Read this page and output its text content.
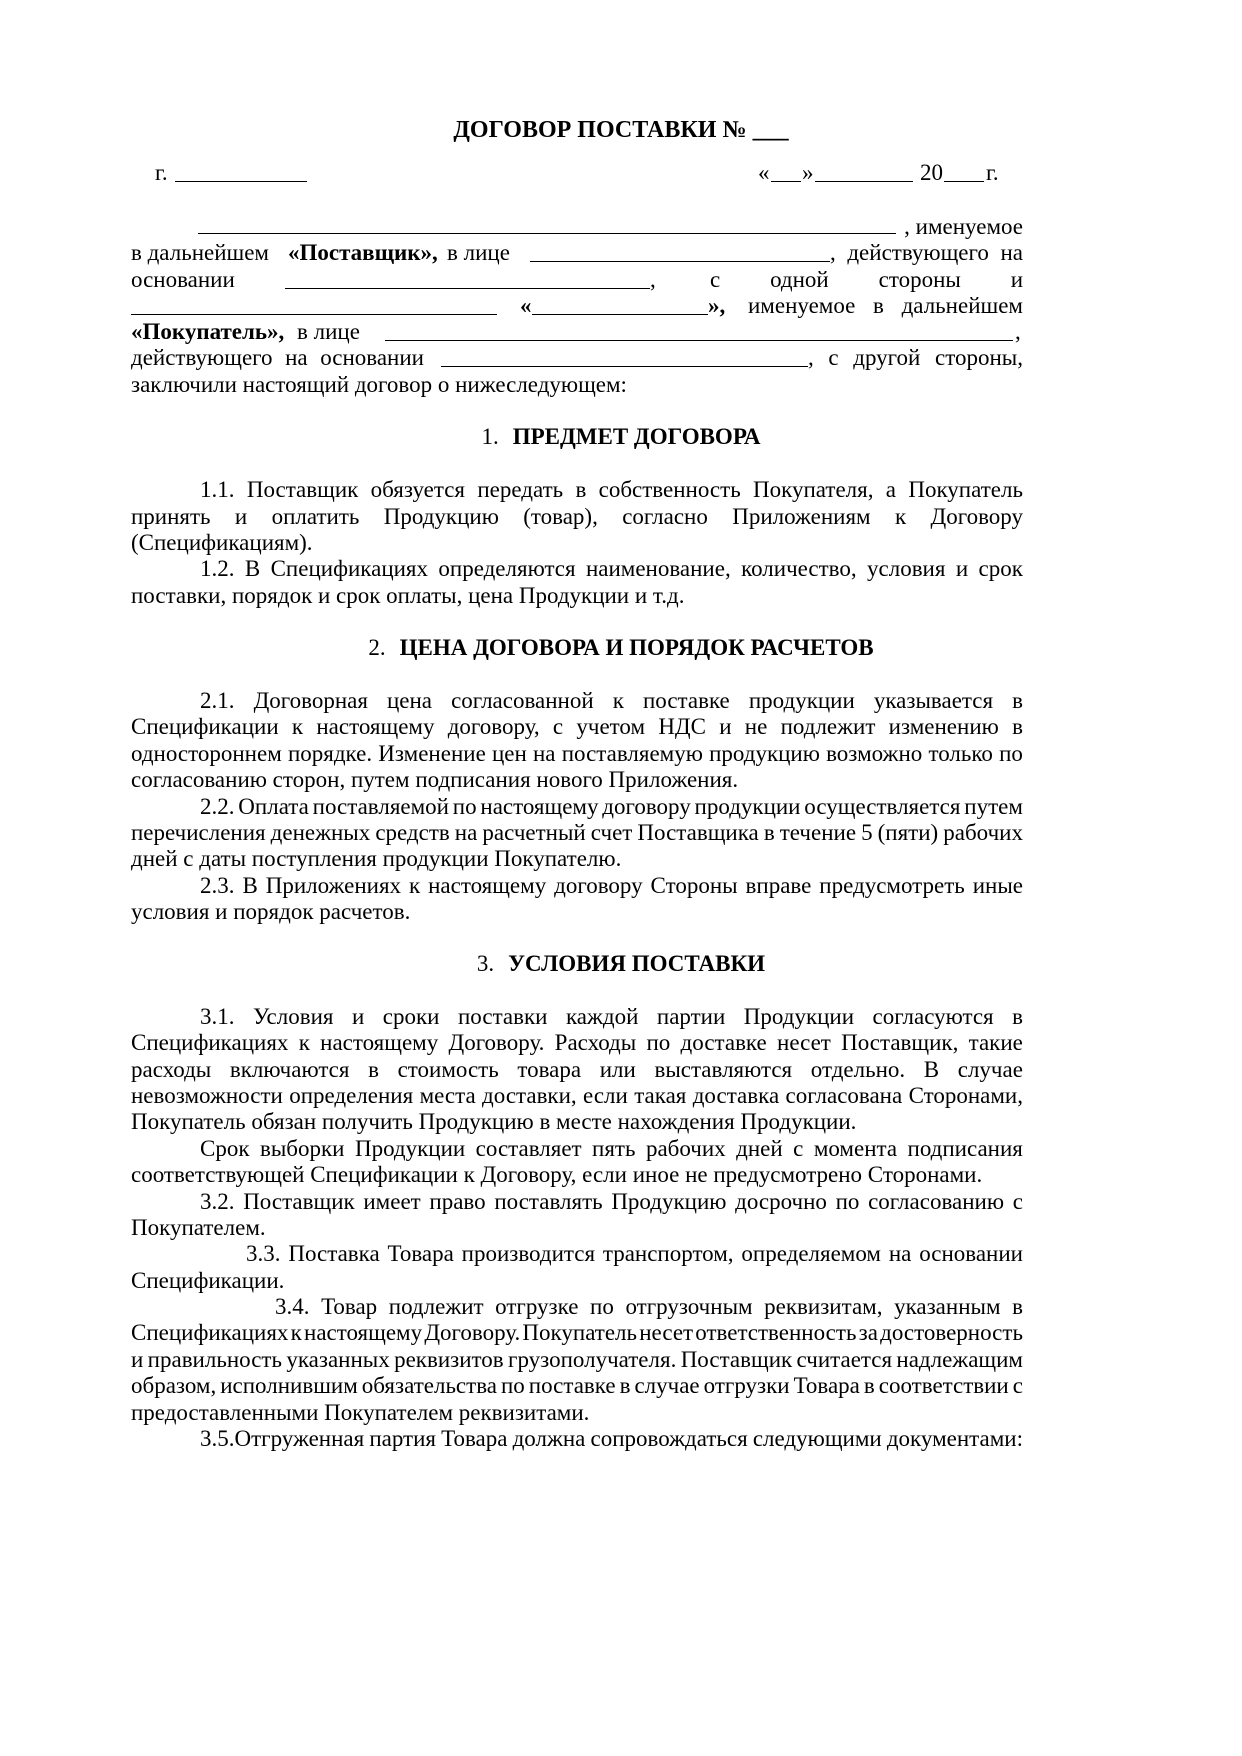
ДОГОВОР ПОСТАВКИ № ___
г.	« »	20 г.
, именуемое
в дальнейшем «Поставщик», в лице	, действующего на
основании	, с одной стороны и
«	», именуемое в дальнейшем
«Покупатель», в лице	,
действующего на основании	, с другой стороны,
заключили настоящий договор о нижеследующем:
1. ПРЕДМЕТ ДОГОВОРА
1.1. Поставщик обязуется передать в собственность Покупателя, а Покупатель
принять и оплатить Продукцию (товар), согласно Приложениям к Договору
(Спецификациям).
1.2. В Спецификациях определяются наименование, количество, условия и срок
поставки, порядок и срок оплаты, цена Продукции и т.д.
2. ЦЕНА ДОГОВОРА И ПОРЯДОК РАСЧЕТОВ
2.1. Договорная цена согласованной к поставке продукции указывается в
Спецификации к настоящему договору, с учетом НДС и не подлежит изменению в
одностороннем порядке. Изменение цен на поставляемую продукцию возможно только по
согласованию сторон, путем подписания нового Приложения.
2.2. Оплата поставляемой по настоящему договору продукции осуществляется путем
перечисления денежных средств на расчетный счет Поставщика в течение 5 (пяти) рабочих
дней с даты поступления продукции Покупателю.
2.3. В Приложениях к настоящему договору Стороны вправе предусмотреть иные
условия и порядок расчетов.
3. УСЛОВИЯ ПОСТАВКИ
3.1. Условия и сроки поставки каждой партии Продукции согласуются в
Спецификациях к настоящему Договору. Расходы по доставке несет Поставщик, такие
расходы включаются в стоимость товара или выставляются отдельно. В случае
невозможности определения места доставки, если такая доставка согласована Сторонами,
Покупатель обязан получить Продукцию в месте нахождения Продукции.
Срок выборки Продукции составляет пять рабочих дней с момента подписания
соответствующей Спецификации к Договору, если иное не предусмотрено Сторонами.
3.2. Поставщик имеет право поставлять Продукцию досрочно по согласованию с
Покупателем.
3.3. Поставка Товара производится транспортом, определяемом на основании
Спецификации.
3.4. Товар подлежит отгрузке по отгрузочным реквизитам, указанным в
Спецификациях к настоящему Договору. Покупатель несет ответственность за достоверность
и правильность указанных реквизитов грузополучателя. Поставщик считается надлежащим
образом, исполнившим обязательства по поставке в случае отгрузки Товара в соответствии с
предоставленными Покупателем реквизитами.
3.5.Отгруженная партия Товара должна сопровождаться следующими документами:
